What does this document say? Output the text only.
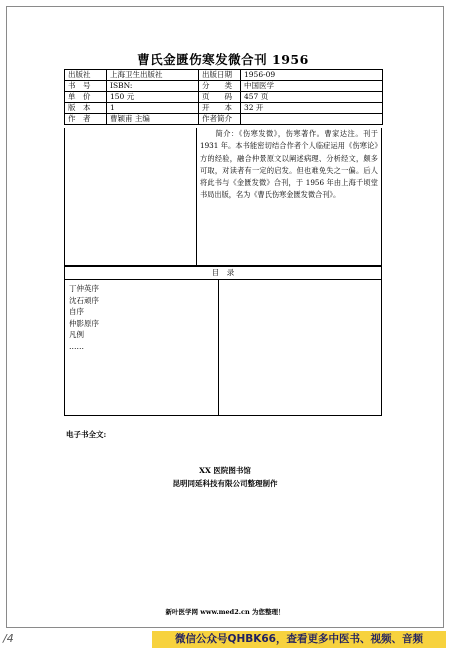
曹氏金匮伤寒发微合刊 1956
出版社	上海卫生出版社	出版日期	1956-09
书　号	ISBN:	分　　类	中国医学
单　价	150 元	页　　码	457 页
版　本	1	开　　本	32 开
作　者	曹颖甫 主编	作者简介	
　　简介：《伤寒发微》，伤寒著作。曹家达注。刊于 1931 年。本书能密切结合作者个人临症运用《伤寒论》方的经验，融合仲景原文以阐述病理、分析经文，颇多可取，对读者有一定的启发。但也难免失之一偏。后人将此书与《金匮发微》合刊，于 1956 年由上海千顷堂书局出版，名为《曹氏伤寒金匮发微合刊》。
目　录
丁仲英序
沈石顽序
自序
仲影原序
凡例
……
电子书全文:
XX 医院图书馆
昆明同延科技有限公司整理制作
新叶医学网 www.med2.cn 为您整理！
/4	微信公众号QHBK66，查看更多中医书、视频、音频
